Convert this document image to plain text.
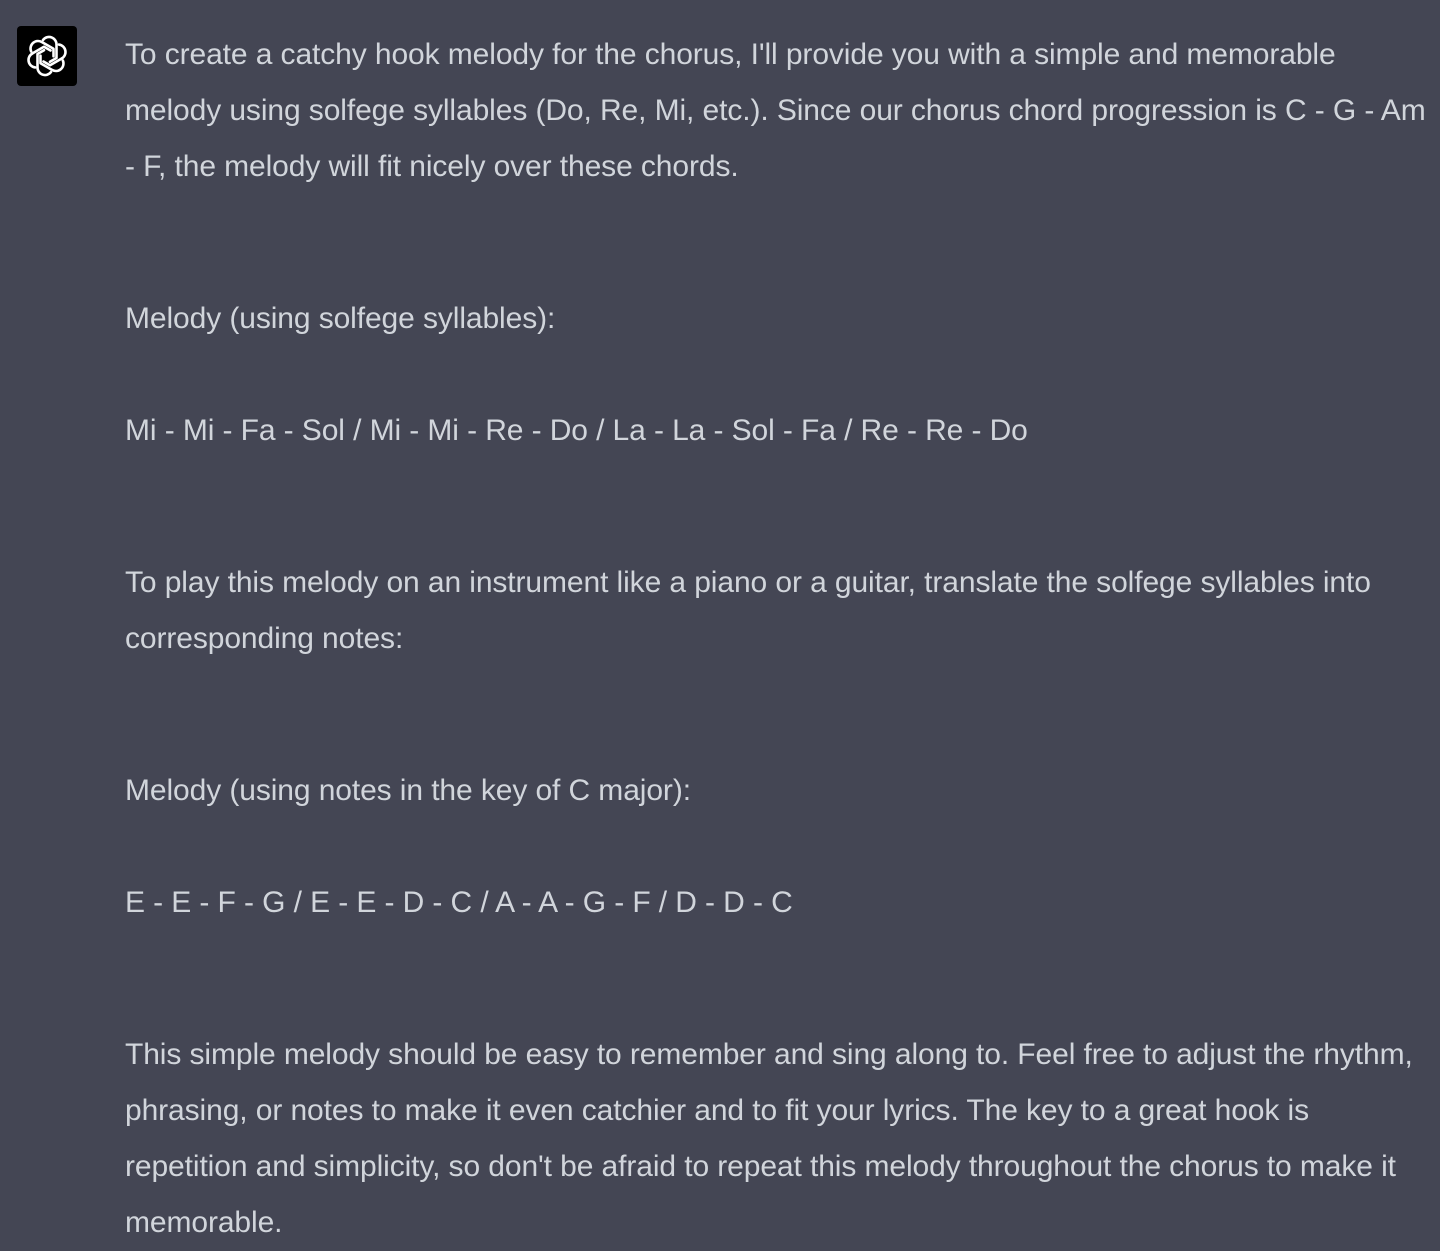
To create a catchy hook melody for the chorus, I'll provide you with a simple and memorable melody using solfege syllables (Do, Re, Mi, etc.). Since our chorus chord progression is C - G - Am - F, the melody will fit nicely over these chords.

Melody (using solfege syllables):

Mi - Mi - Fa - Sol / Mi - Mi - Re - Do / La - La - Sol - Fa / Re - Re - Do

To play this melody on an instrument like a piano or a guitar, translate the solfege syllables into corresponding notes:

Melody (using notes in the key of C major):

E - E - F - G / E - E - D - C / A - A - G - F / D - D - C

This simple melody should be easy to remember and sing along to. Feel free to adjust the rhythm, phrasing, or notes to make it even catchier and to fit your lyrics. The key to a great hook is repetition and simplicity, so don't be afraid to repeat this melody throughout the chorus to make it memorable.
